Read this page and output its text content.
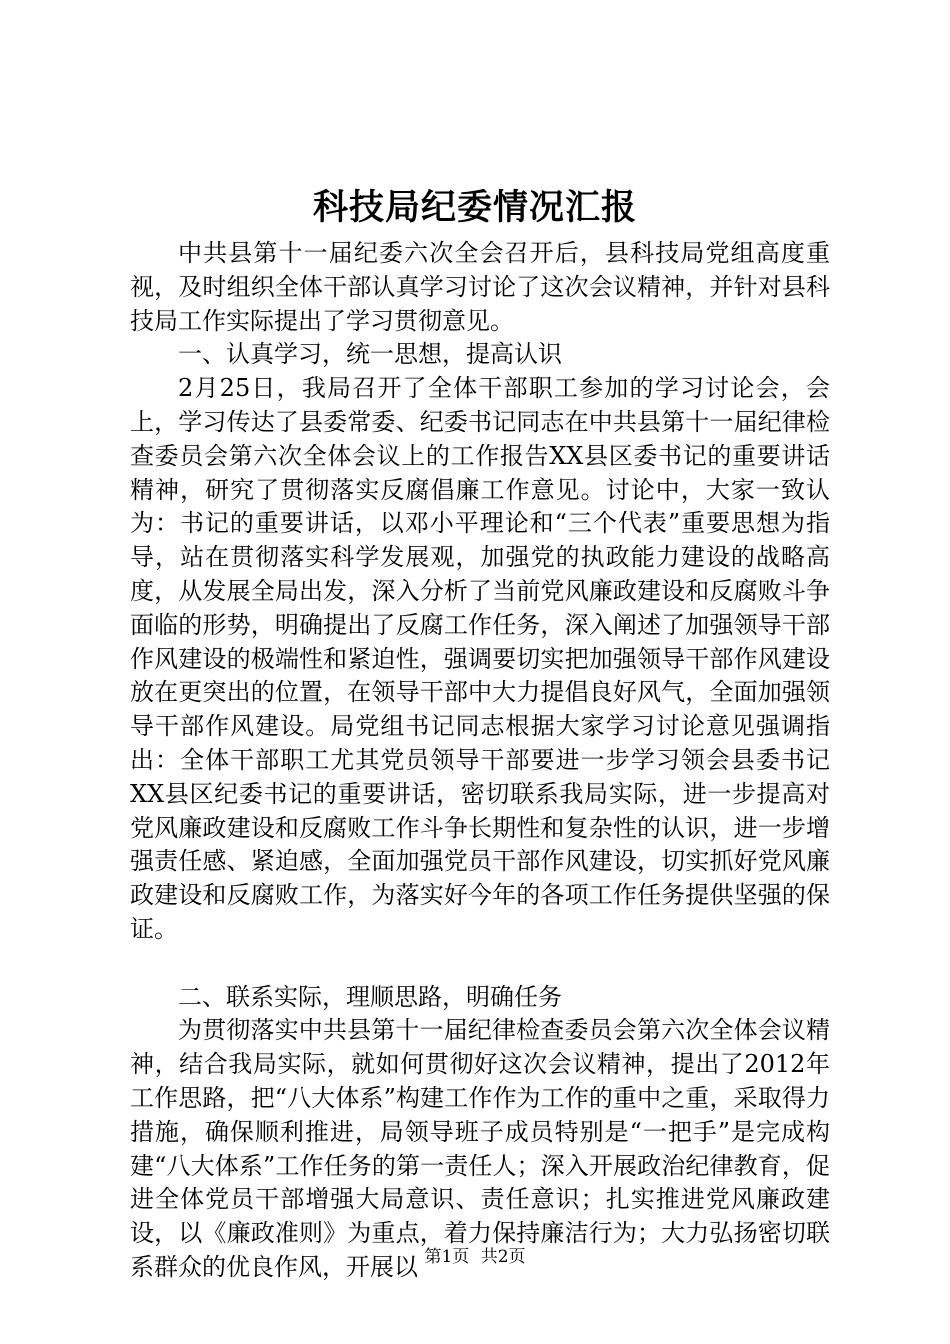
科技局纪委情况汇报

中共县第十一届纪委六次全会召开后，县科技局党组高度重视，及时组织全体干部认真学习讨论了这次会议精神，并针对县科技局工作实际提出了学习贯彻意见。

一、认真学习，统一思想，提高认识

2月25日，我局召开了全体干部职工参加的学习讨论会，会上，学习传达了县委常委、纪委书记同志在中共县第十一届纪律检查委员会第六次全体会议上的工作报告XX县区委书记的重要讲话精神，研究了贯彻落实反腐倡廉工作意见。讨论中，大家一致认为：书记的重要讲话，以邓小平理论和“三个代表”重要思想为指导，站在贯彻落实科学发展观，加强党的执政能力建设的战略高度，从发展全局出发，深入分析了当前党风廉政建设和反腐败斗争面临的形势，明确提出了反腐工作任务，深入阐述了加强领导干部作风建设的极端性和紧迫性，强调要切实把加强领导干部作风建设放在更突出的位置，在领导干部中大力提倡良好风气，全面加强领导干部作风建设。局党组书记同志根据大家学习讨论意见强调指出：全体干部职工尤其党员领导干部要进一步学习领会县委书记XX县区纪委书记的重要讲话，密切联系我局实际，进一步提高对党风廉政建设和反腐败工作斗争长期性和复杂性的认识，进一步增强责任感、紧迫感，全面加强党员干部作风建设，切实抓好党风廉政建设和反腐败工作，为落实好今年的各项工作任务提供坚强的保证。

二、联系实际，理顺思路，明确任务

为贯彻落实中共县第十一届纪律检查委员会第六次全体会议精神，结合我局实际，就如何贯彻好这次会议精神，提出了2012年工作思路，把“八大体系”构建工作作为工作的重中之重，采取得力措施，确保顺利推进，局领导班子成员特别是“一把手”是完成构建“八大体系”工作任务的第一责任人；深入开展政治纪律教育，促进全体党员干部增强大局意识、责任意识；扎实推进党风廉政建设，以《廉政准则》为重点，着力保持廉洁行为；大力弘扬密切联系群众的优良作风，开展以 第1页 共2页
